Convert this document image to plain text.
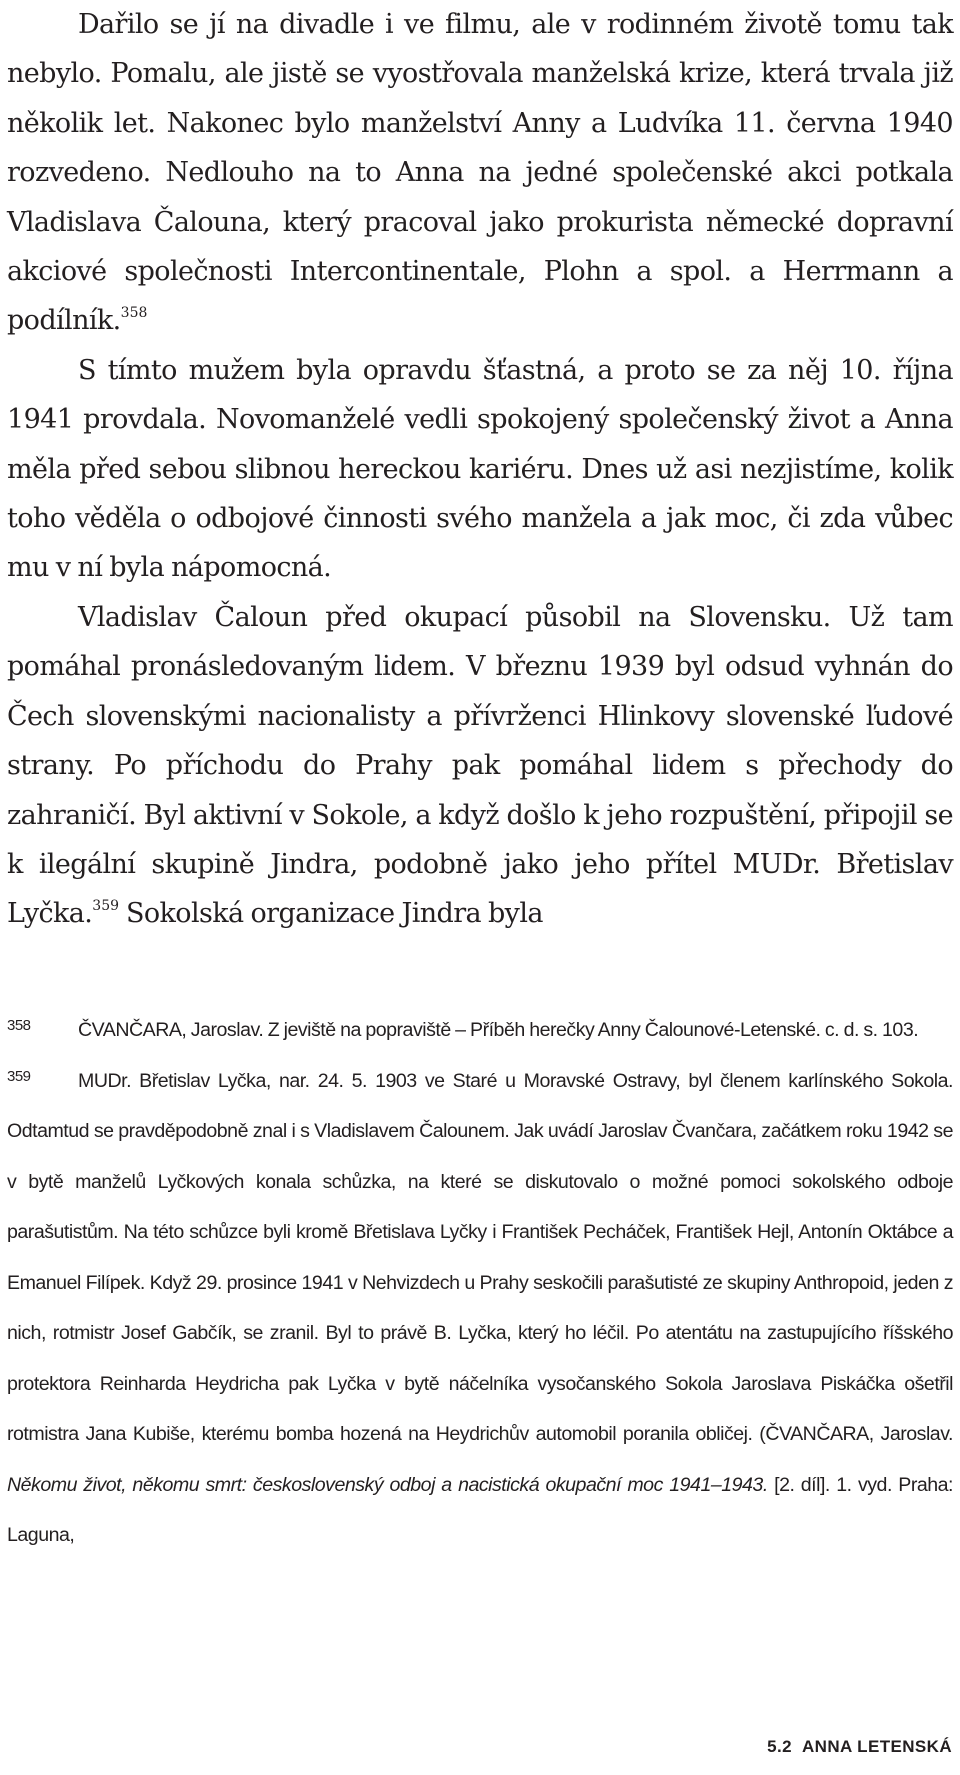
Dařilo se jí na divadle i ve filmu, ale v rodinném životě tomu tak nebylo. Pomalu, ale jistě se vyostřovala manželská krize, která trvala již několik let. Nakonec bylo manželství Anny a Ludvíka 11. června 1940 rozvedeno. Nedlouho na to Anna na jedné společenské akci potkala Vladislava Čalouna, který pracoval jako prokurista německé dopravní akciové společnosti Intercontinentale, Plohn a spol. a Herrmann a podílník.$^{358}$

S tímto mužem byla opravdu šťastná, a proto se za něj 10. října 1941 provdala. Novomanželé vedli spokojený společenský život a Anna měla před sebou slibnou hereckou kariéru. Dnes už asi nezjistíme, kolik toho věděla o odbojové činnosti svého manžela a jak moc, či zda vůbec mu v ní byla nápomocná.

Vladislav Čaloun před okupací působil na Slovensku. Už tam pomáhal pronásledovaným lidem. V březnu 1939 byl odsud vyhnán do Čech slovenskými nacionalisty a přívrženci Hlinkovy slovenské ľudové strany. Po příchodu do Prahy pak pomáhal lidem s přechody do zahraničí. Byl aktivní v Sokole, a když došlo k jeho rozpuštění, připojil se k ilegální skupině Jindra, podobně jako jeho přítel MUDr. Břetislav Lyčka.$^{359}$ Sokolská organizace Jindra byla

358 ČVANČARA, Jaroslav. Z jeviště na popraviště – Příběh herečky Anny Čalounové-Letenské. c. d. s. 103.

359 MUDr. Břetislav Lyčka, nar. 24. 5. 1903 ve Staré u Moravské Ostravy, byl členem karlínského Sokola. Odtamtud se pravděpodobně znal i s Vladislavem Čalounem. Jak uvádí Jaroslav Čvančara, začátkem roku 1942 se v bytě manželů Lyčkových konala schůzka, na které se diskutovalo o možné pomoci sokolského odboje parašutistům. Na této schůzce byli kromě Břetislava Lyčky i František Pecháček, František Hejl, Antonín Oktábce a Emanuel Filípek. Když 29. prosince 1941 v Nehvizdech u Prahy seskočili parašutisté ze skupiny Anthropoid, jeden z nich, rotmistr Josef Gabčík, se zranil. Byl to právě B. Lyčka, který ho léčil. Po atentátu na zastupujícího říšského protektora Reinharda Heydricha pak Lyčka v bytě náčelníka vysočanského Sokola Jaroslava Piskáčka ošetřil rotmistra Jana Kubiše, kterému bomba hozená na Heydrichův automobil poranila obličej. (ČVANČARA, Jaroslav. Někomu život, někomu smrt: československý odboj a nacistická okupační moc 1941–1943. [2. díl]. 1. vyd. Praha: Laguna,

5.2 ANNA LETENSKÁ
